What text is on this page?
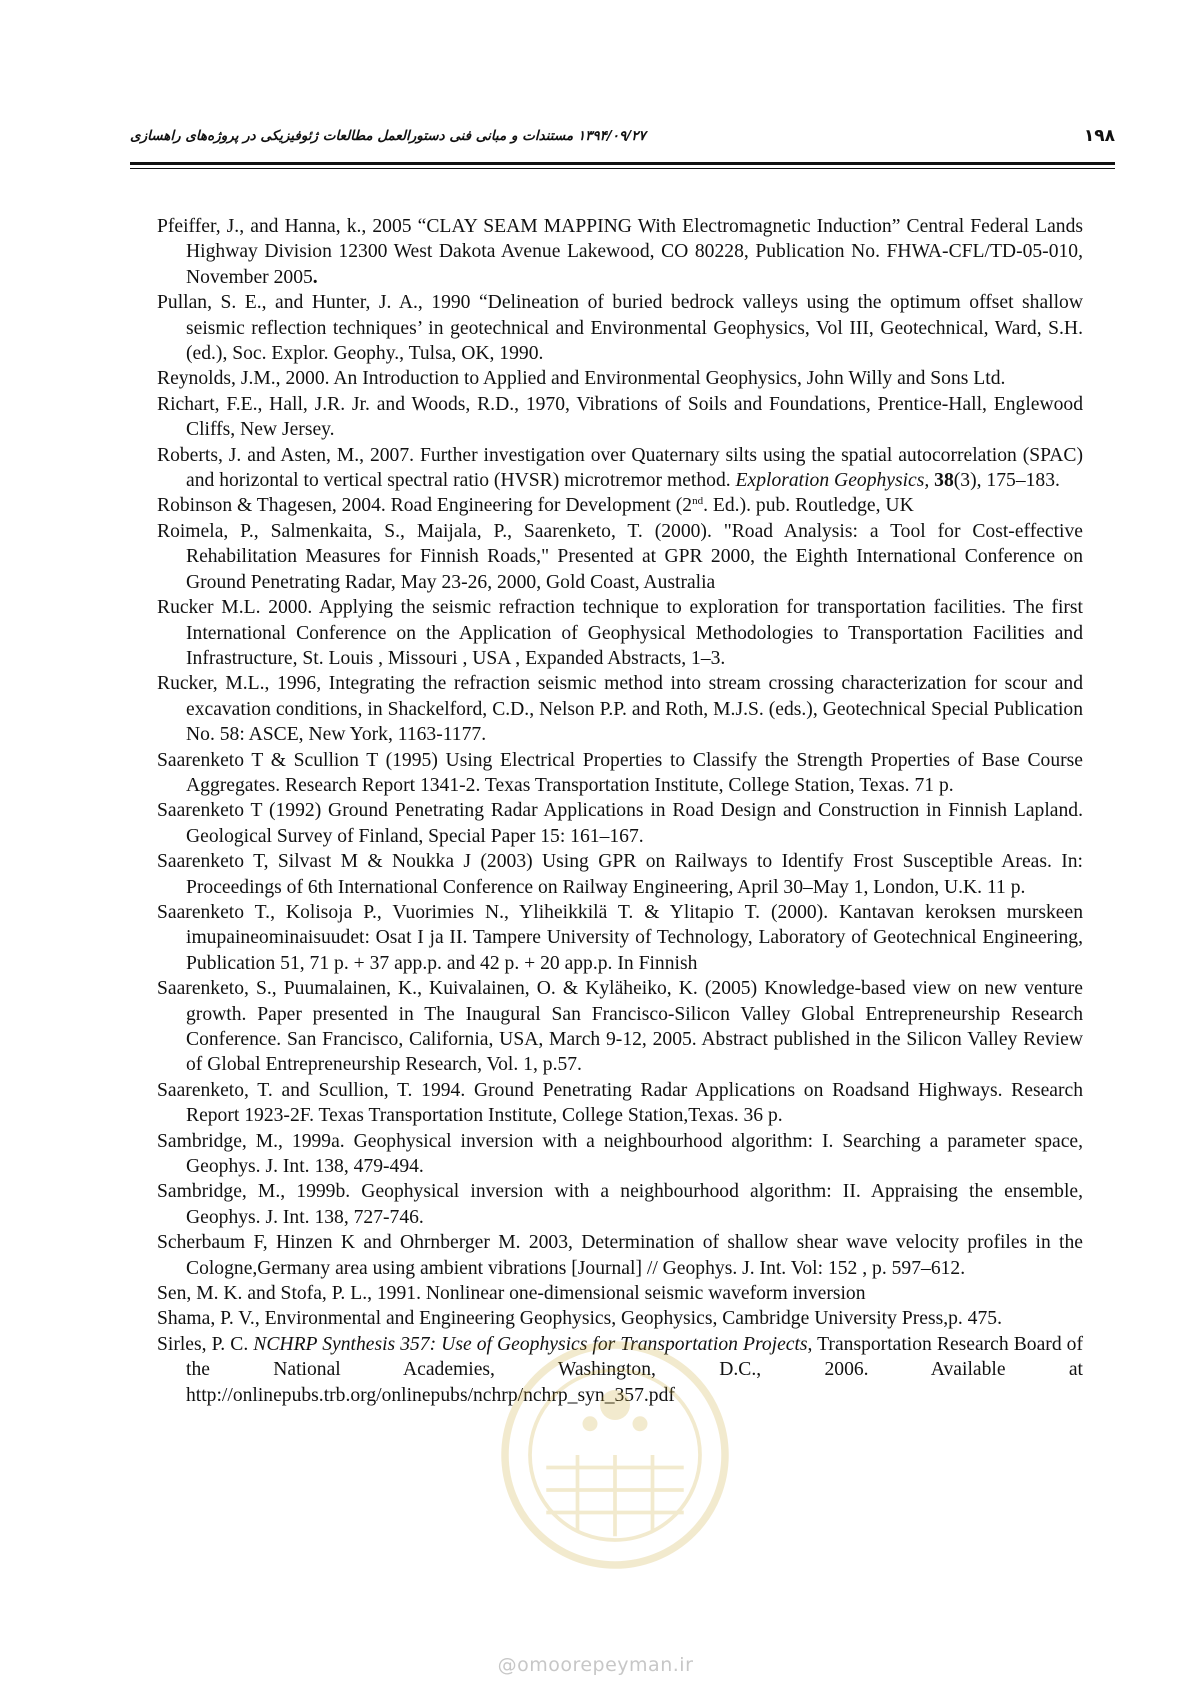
۱۹۸
۱۳۹۴/۰۹/۲۷ مستندات و مبانی فنی دستورالعمل مطالعات ژئوفیزیکی در پروژه‌های راهسازی

Pfeiffer, J., and Hanna, k., 2005 “CLAY SEAM MAPPING With Electromagnetic Induction” Central Federal Lands Highway Division 12300 West Dakota Avenue Lakewood, CO 80228, Publication No. FHWA-CFL/TD-05-010, November 2005.

Pullan, S. E., and Hunter, J. A., 1990 “Delineation of buried bedrock valleys using the optimum offset shallow seismic reflection techniques’ in geotechnical and Environmental Geophysics, Vol III, Geotechnical, Ward, S.H. (ed.), Soc. Explor. Geophy., Tulsa, OK, 1990.

Reynolds, J.M., 2000. An Introduction to Applied and Environmental Geophysics, John Willy and Sons Ltd.

Richart, F.E., Hall, J.R. Jr. and Woods, R.D., 1970, Vibrations of Soils and Foundations, Prentice-Hall, Englewood Cliffs, New Jersey.

Roberts, J. and Asten, M., 2007. Further investigation over Quaternary silts using the spatial autocorrelation (SPAC) and horizontal to vertical spectral ratio (HVSR) microtremor method. Exploration Geophysics, 38(3), 175–183.

Robinson & Thagesen, 2004. Road Engineering for Development (2nd. Ed.). pub. Routledge, UK

Roimela, P., Salmenkaita, S., Maijala, P., Saarenketo, T. (2000). "Road Analysis: a Tool for Cost-effective Rehabilitation Measures for Finnish Roads," Presented at GPR 2000, the Eighth International Conference on Ground Penetrating Radar, May 23-26, 2000, Gold Coast, Australia

Rucker M.L. 2000. Applying the seismic refraction technique to exploration for transportation facilities. The first International Conference on the Application of Geophysical Methodologies to Transportation Facilities and Infrastructure, St. Louis , Missouri , USA , Expanded Abstracts, 1–3.

Rucker, M.L., 1996, Integrating the refraction seismic method into stream crossing characterization for scour and excavation conditions, in Shackelford, C.D., Nelson P.P. and Roth, M.J.S. (eds.), Geotechnical Special Publication No. 58: ASCE, New York, 1163-1177.

Saarenketo T & Scullion T (1995) Using Electrical Properties to Classify the Strength Properties of Base Course Aggregates. Research Report 1341-2. Texas Transportation Institute, College Station, Texas. 71 p.

Saarenketo T (1992) Ground Penetrating Radar Applications in Road Design and Construction in Finnish Lapland. Geological Survey of Finland, Special Paper 15: 161–167.

Saarenketo T, Silvast M & Noukka J (2003) Using GPR on Railways to Identify Frost Susceptible Areas. In: Proceedings of 6th International Conference on Railway Engineering, April 30–May 1, London, U.K. 11 p.

Saarenketo T., Kolisoja P., Vuorimies N., Yliheikkilä T. & Ylitapio T. (2000). Kantavan keroksen murskeen imupaineominaisuudet: Osat I ja II. Tampere University of Technology, Laboratory of Geotechnical Engineering, Publication 51, 71 p. + 37 app.p. and 42 p. + 20 app.p. In Finnish

Saarenketo, S., Puumalainen, K., Kuivalainen, O. & Kyläheiko, K. (2005) Knowledge-based view on new venture growth. Paper presented in The Inaugural San Francisco-Silicon Valley Global Entrepreneurship Research Conference. San Francisco, California, USA, March 9-12, 2005. Abstract published in the Silicon Valley Review of Global Entrepreneurship Research, Vol. 1, p.57.

Saarenketo, T. and Scullion, T. 1994. Ground Penetrating Radar Applications on Roadsand Highways. Research Report 1923-2F. Texas Transportation Institute, College Station,Texas. 36 p.

Sambridge, M., 1999a. Geophysical inversion with a neighbourhood algorithm: I. Searching a parameter space, Geophys. J. Int. 138, 479-494.

Sambridge, M., 1999b. Geophysical inversion with a neighbourhood algorithm: II. Appraising the ensemble, Geophys. J. Int. 138, 727-746.

Scherbaum F, Hinzen K and Ohrnberger M. 2003, Determination of shallow shear wave velocity profiles in the Cologne,Germany area using ambient vibrations [Journal] // Geophys. J. Int. Vol: 152 , p. 597–612.

Sen, M. K. and Stofa, P. L., 1991. Nonlinear one-dimensional seismic waveform inversion

Shama, P. V., Environmental and Engineering Geophysics, Geophysics, Cambridge University Press,p. 475.

Sirles, P. C. NCHRP Synthesis 357: Use of Geophysics for Transportation Projects, Transportation Research Board of the National Academies, Washington, D.C., 2006. Available at http://onlinepubs.trb.org/onlinepubs/nchrp/nchrp_syn_357.pdf

@omoorepeyman.ir
